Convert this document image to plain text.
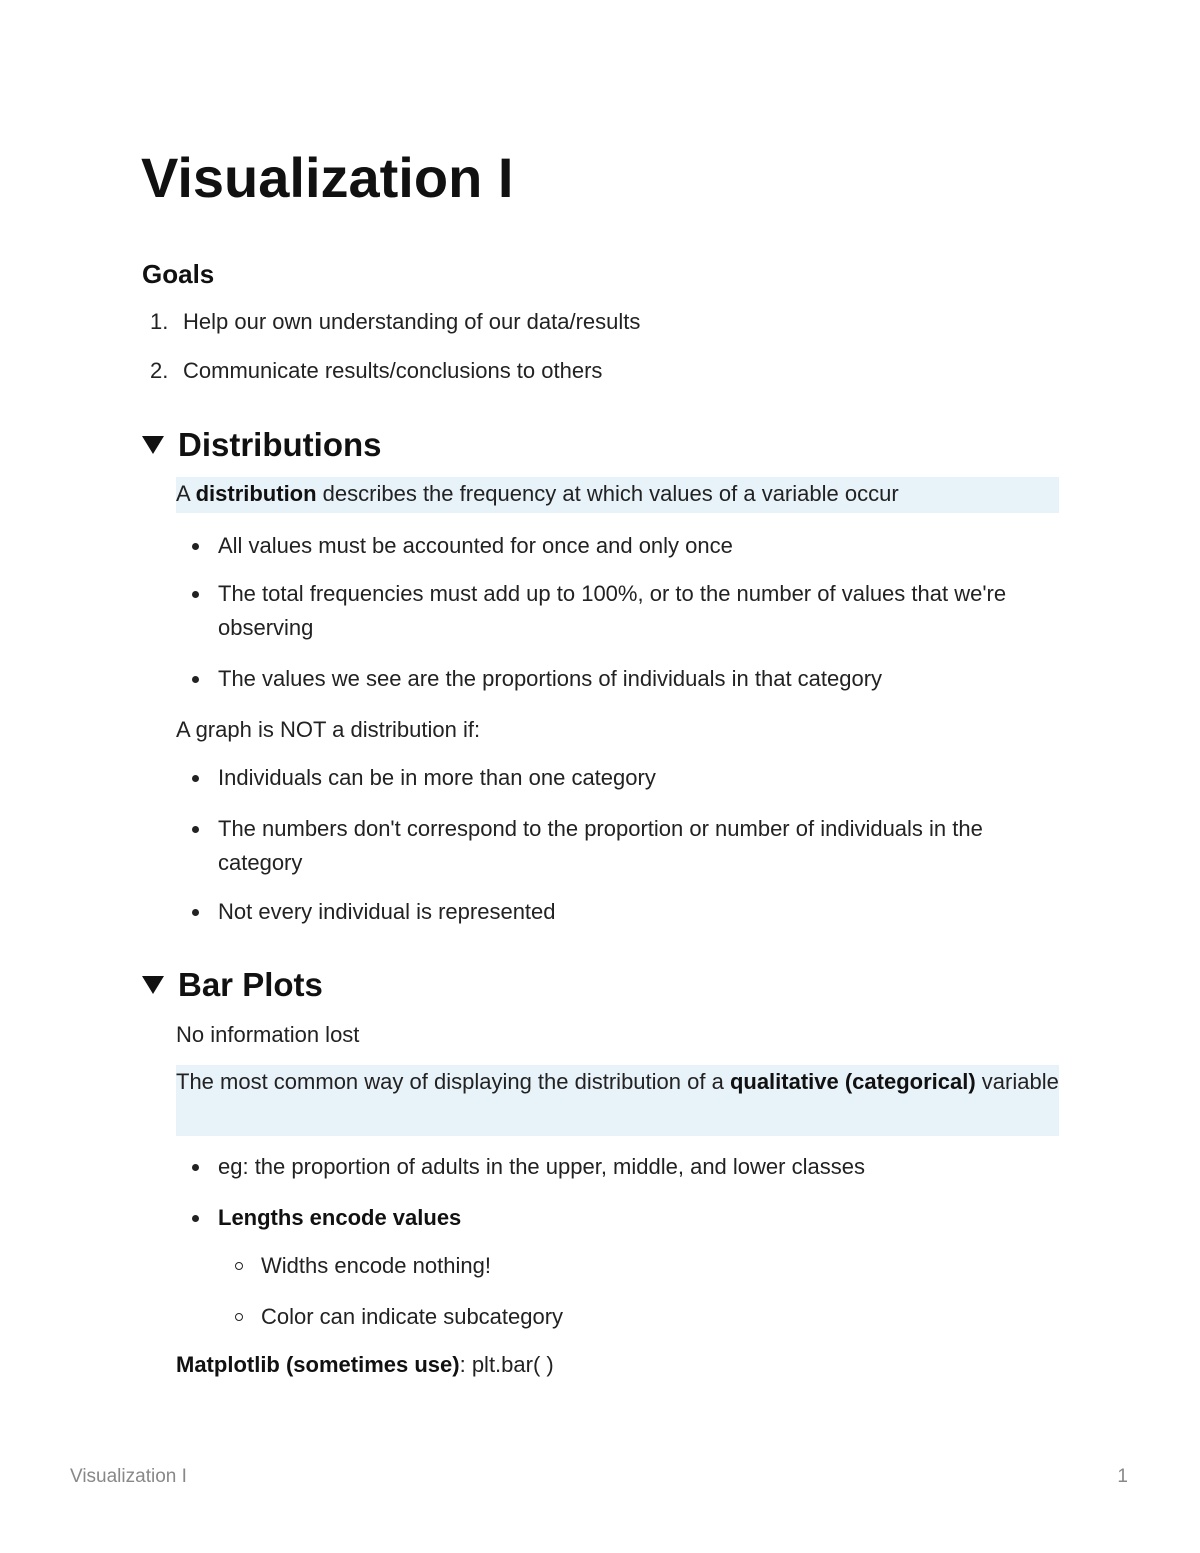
Visualization I
Goals
1. Help our own understanding of our data/results
2. Communicate results/conclusions to others
Distributions
A distribution describes the frequency at which values of a variable occur
All values must be accounted for once and only once
The total frequencies must add up to 100%, or to the number of values that we're observing
The values we see are the proportions of individuals in that category
A graph is NOT a distribution if:
Individuals can be in more than one category
The numbers don't correspond to the proportion or number of individuals in the category
Not every individual is represented
Bar Plots
No information lost
The most common way of displaying the distribution of a qualitative (categorical) variable
eg: the proportion of adults in the upper, middle, and lower classes
Lengths encode values
Widths encode nothing!
Color can indicate subcategory
Matplotlib (sometimes use): plt.bar( )
Visualization I	1
